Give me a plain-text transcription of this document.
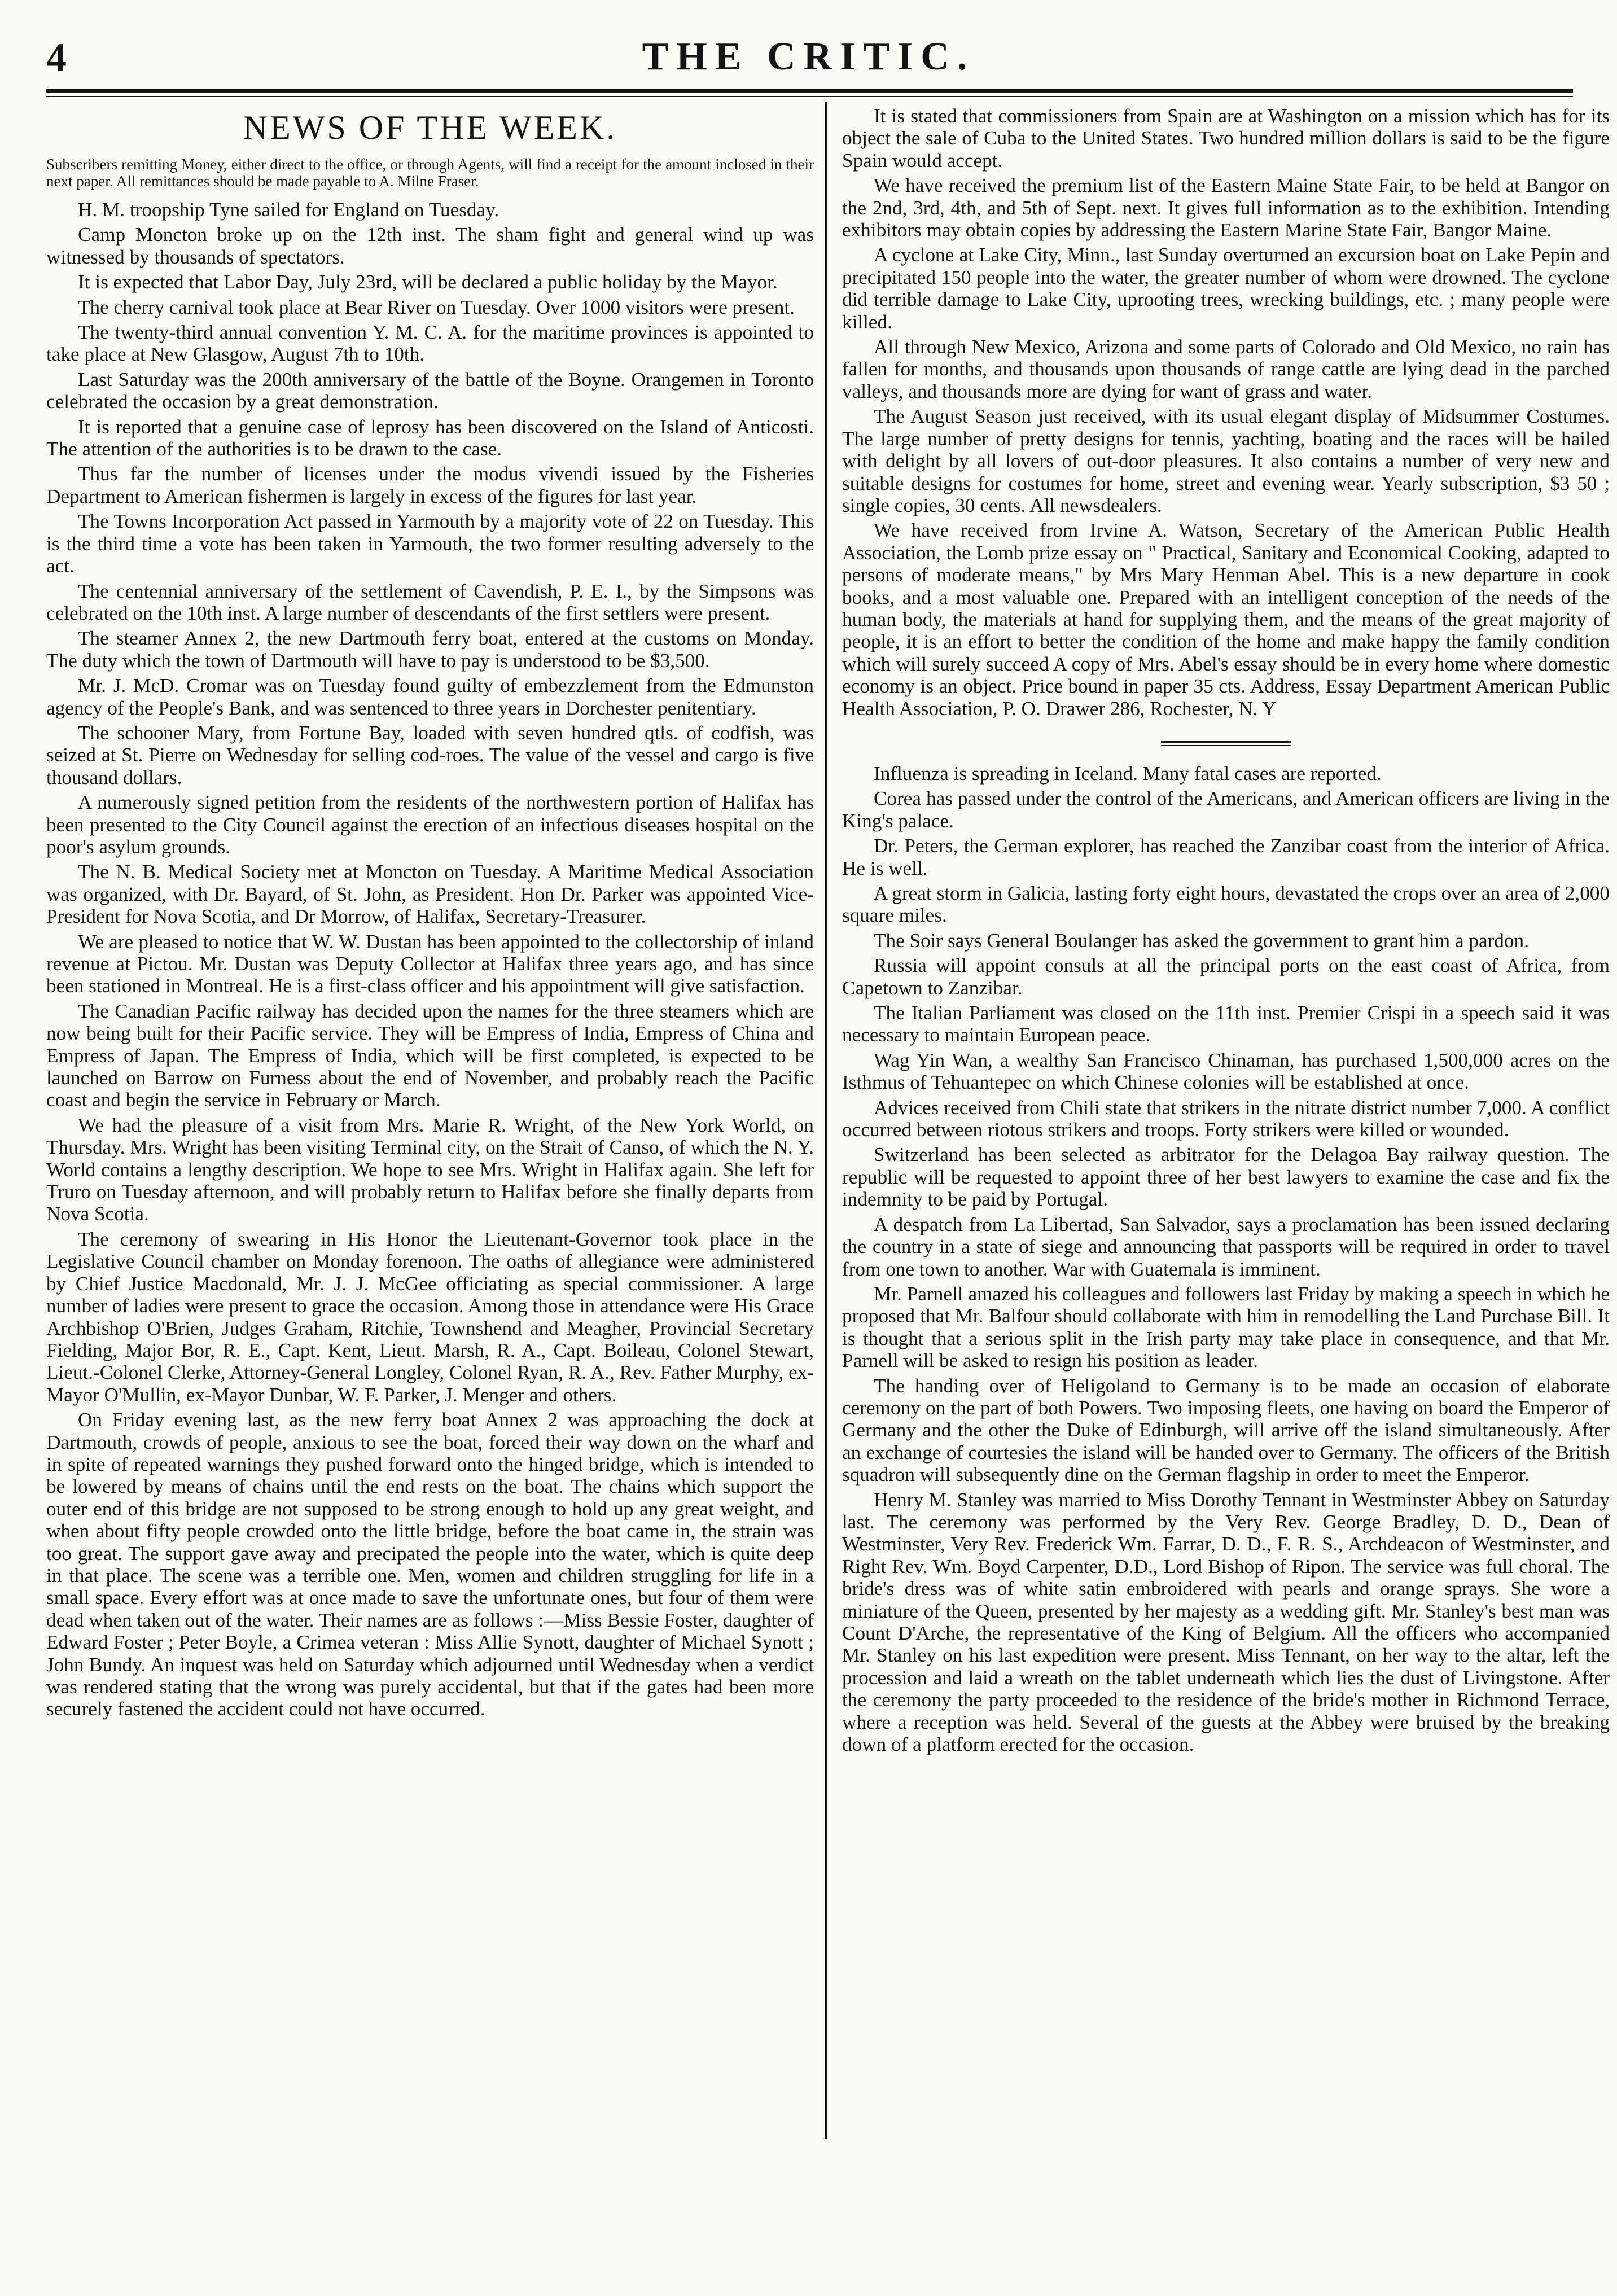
4	THE CRITIC.
NEWS OF THE WEEK.
Subscribers remitting Money, either direct to the office, or through Agents, will find a receipt for the amount inclosed in their next paper. All remittances should be made payable to A. Milne Fraser.

H. M. troopship Tyne sailed for England on Tuesday.

Camp Moncton broke up on the 12th inst. The sham fight and general wind up was witnessed by thousands of spectators.

It is expected that Labor Day, July 23rd, will be declared a public holiday by the Mayor.

The cherry carnival took place at Bear River on Tuesday. Over 1000 visitors were present.

The twenty-third annual convention Y. M. C. A. for the maritime provinces is appointed to take place at New Glasgow, August 7th to 10th.

Last Saturday was the 200th anniversary of the battle of the Boyne. Orangemen in Toronto celebrated the occasion by a great demonstration.

It is reported that a genuine case of leprosy has been discovered on the Island of Anticosti. The attention of the authorities is to be drawn to the case.

Thus far the number of licenses under the modus vivendi issued by the Fisheries Department to American fishermen is largely in excess of the figures for last year.

The Towns Incorporation Act passed in Yarmouth by a majority vote of 22 on Tuesday. This is the third time a vote has been taken in Yarmouth, the two former resulting adversely to the act.

The centennial anniversary of the settlement of Cavendish, P. E. I., by the Simpsons was celebrated on the 10th inst. A large number of descendants of the first settlers were present.

The steamer Annex 2, the new Dartmouth ferry boat, entered at the customs on Monday. The duty which the town of Dartmouth will have to pay is understood to be $3,500.

Mr. J. McD. Cromar was on Tuesday found guilty of embezzlement from the Edmunston agency of the People's Bank, and was sentenced to three years in Dorchester penitentiary.

The schooner Mary, from Fortune Bay, loaded with seven hundred qtls. of codfish, was seized at St. Pierre on Wednesday for selling cod-roes. The value of the vessel and cargo is five thousand dollars.

A numerously signed petition from the residents of the northwestern portion of Halifax has been presented to the City Council against the erection of an infectious diseases hospital on the poor's asylum grounds.

The N. B. Medical Society met at Moncton on Tuesday. A Maritime Medical Association was organized, with Dr. Bayard, of St. John, as President. Hon Dr. Parker was appointed Vice-President for Nova Scotia, and Dr Morrow, of Halifax, Secretary-Treasurer.

We are pleased to notice that W. W. Dustan has been appointed to the collectorship of inland revenue at Pictou. Mr. Dustan was Deputy Collector at Halifax three years ago, and has since been stationed in Montreal. He is a first-class officer and his appointment will give satisfaction.

The Canadian Pacific railway has decided upon the names for the three steamers which are now being built for their Pacific service. They will be Empress of India, Empress of China and Empress of Japan. The Empress of India, which will be first completed, is expected to be launched on Barrow on Furness about the end of November, and probably reach the Pacific coast and begin the service in February or March.

We had the pleasure of a visit from Mrs. Marie R. Wright, of the New York World, on Thursday. Mrs. Wright has been visiting Terminal city, on the Strait of Canso, of which the N. Y. World contains a lengthy description. We hope to see Mrs. Wright in Halifax again. She left for Truro on Tuesday afternoon, and will probably return to Halifax before she finally departs from Nova Scotia.

The ceremony of swearing in His Honor the Lieutenant-Governor took place in the Legislative Council chamber on Monday forenoon. The oaths of allegiance were administered by Chief Justice Macdonald, Mr. J. J. McGee officiating as special commissioner. A large number of ladies were present to grace the occasion. Among those in attendance were His Grace Archbishop O'Brien, Judges Graham, Ritchie, Townshend and Meagher, Provincial Secretary Fielding, Major Bor, R. E., Capt. Kent, Lieut. Marsh, R. A., Capt. Boileau, Colonel Stewart, Lieut.-Colonel Clerke, Attorney-General Longley, Colonel Ryan, R. A., Rev. Father Murphy, ex-Mayor O'Mullin, ex-Mayor Dunbar, W. F. Parker, J. Menger and others.

On Friday evening last, as the new ferry boat Annex 2 was approaching the dock at Dartmouth, crowds of people, anxious to see the boat, forced their way down on the wharf and in spite of repeated warnings they pushed forward onto the hinged bridge, which is intended to be lowered by means of chains until the end rests on the boat. The chains which support the outer end of this bridge are not supposed to be strong enough to hold up any great weight, and when about fifty people crowded onto the little bridge, before the boat came in, the strain was too great. The support gave away and precipated the people into the water, which is quite deep in that place. The scene was a terrible one. Men, women and children struggling for life in a small space. Every effort was at once made to save the unfortunate ones, but four of them were dead when taken out of the water. Their names are as follows :—Miss Bessie Foster, daughter of Edward Foster ; Peter Boyle, a Crimea veteran : Miss Allie Synott, daughter of Michael Synott ; John Bundy. An inquest was held on Saturday which adjourned until Wednesday when a verdict was rendered stating that the wrong was purely accidental, but that if the gates had been more securely fastened the accident could not have occurred.

It is stated that commissioners from Spain are at Washington on a mission which has for its object the sale of Cuba to the United States. Two hundred million dollars is said to be the figure Spain would accept.

We have received the premium list of the Eastern Maine State Fair, to be held at Bangor on the 2nd, 3rd, 4th, and 5th of Sept. next. It gives full information as to the exhibition. Intending exhibitors may obtain copies by addressing the Eastern Marine State Fair, Bangor Maine.

A cyclone at Lake City, Minn., last Sunday overturned an excursion boat on Lake Pepin and precipitated 150 people into the water, the greater number of whom were drowned. The cyclone did terrible damage to Lake City, uprooting trees, wrecking buildings, etc. ; many people were killed.

All through New Mexico, Arizona and some parts of Colorado and Old Mexico, no rain has fallen for months, and thousands upon thousands of range cattle are lying dead in the parched valleys, and thousands more are dying for want of grass and water.

The August Season just received, with its usual elegant display of Midsummer Costumes. The large number of pretty designs for tennis, yachting, boating and the races will be hailed with delight by all lovers of out-door pleasures. It also contains a number of very new and suitable designs for costumes for home, street and evening wear. Yearly subscription, $3 50 ; single copies, 30 cents. All newsdealers.

We have received from Irvine A. Watson, Secretary of the American Public Health Association, the Lomb prize essay on " Practical, Sanitary and Economical Cooking, adapted to persons of moderate means," by Mrs Mary Henman Abel. This is a new departure in cook books, and a most valuable one. Prepared with an intelligent conception of the needs of the human body, the materials at hand for supplying them, and the means of the great majority of people, it is an effort to better the condition of the home and make happy the family condition which will surely succeed A copy of Mrs. Abel's essay should be in every home where domestic economy is an object. Price bound in paper 35 cts. Address, Essay Department American Public Health Association, P. O. Drawer 286, Rochester, N. Y

Influenza is spreading in Iceland. Many fatal cases are reported.

Corea has passed under the control of the Americans, and American officers are living in the King's palace.

Dr. Peters, the German explorer, has reached the Zanzibar coast from the interior of Africa. He is well.

A great storm in Galicia, lasting forty eight hours, devastated the crops over an area of 2,000 square miles.

The Soir says General Boulanger has asked the government to grant him a pardon.

Russia will appoint consuls at all the principal ports on the east coast of Africa, from Capetown to Zanzibar.

The Italian Parliament was closed on the 11th inst. Premier Crispi in a speech said it was necessary to maintain European peace.

Wag Yin Wan, a wealthy San Francisco Chinaman, has purchased 1,500,000 acres on the Isthmus of Tehuantepec on which Chinese colonies will be established at once.

Advices received from Chili state that strikers in the nitrate district number 7,000. A conflict occurred between riotous strikers and troops. Forty strikers were killed or wounded.

Switzerland has been selected as arbitrator for the Delagoa Bay railway question. The republic will be requested to appoint three of her best lawyers to examine the case and fix the indemnity to be paid by Portugal.

A despatch from La Libertad, San Salvador, says a proclamation has been issued declaring the country in a state of siege and announcing that passports will be required in order to travel from one town to another. War with Guatemala is imminent.

Mr. Parnell amazed his colleagues and followers last Friday by making a speech in which he proposed that Mr. Balfour should collaborate with him in remodelling the Land Purchase Bill. It is thought that a serious split in the Irish party may take place in consequence, and that Mr. Parnell will be asked to resign his position as leader.

The handing over of Heligoland to Germany is to be made an occasion of elaborate ceremony on the part of both Powers. Two imposing fleets, one having on board the Emperor of Germany and the other the Duke of Edinburgh, will arrive off the island simultaneously. After an exchange of courtesies the island will be handed over to Germany. The officers of the British squadron will subsequently dine on the German flagship in order to meet the Emperor.

Henry M. Stanley was married to Miss Dorothy Tennant in Westminster Abbey on Saturday last. The ceremony was performed by the Very Rev. George Bradley, D. D., Dean of Westminster, Very Rev. Frederick Wm. Farrar, D. D., F. R. S., Archdeacon of Westminster, and Right Rev. Wm. Boyd Carpenter, D.D., Lord Bishop of Ripon. The service was full choral. The bride's dress was of white satin embroidered with pearls and orange sprays. She wore a miniature of the Queen, presented by her majesty as a wedding gift. Mr. Stanley's best man was Count D'Arche, the representative of the King of Belgium. All the officers who accompanied Mr. Stanley on his last expedition were present. Miss Tennant, on her way to the altar, left the procession and laid a wreath on the tablet underneath which lies the dust of Livingstone. After the ceremony the party proceeded to the residence of the bride's mother in Richmond Terrace, where a reception was held. Several of the guests at the Abbey were bruised by the breaking down of a platform erected for the occasion.
